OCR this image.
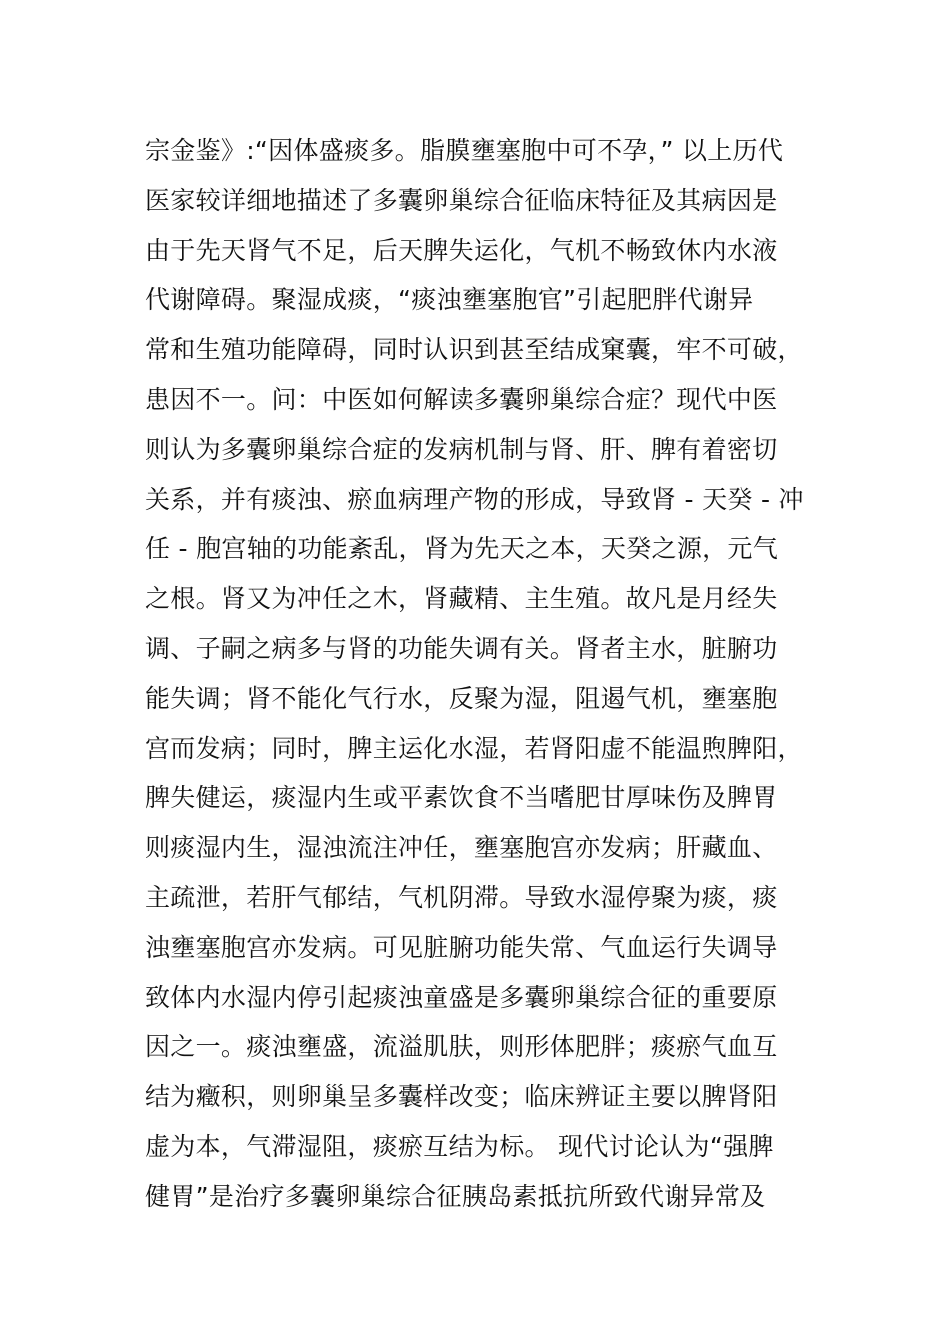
宗金鉴》:“因体盛痰多。脂膜壅塞胞中可不孕，” 以上历代
医家较详细地描述了多囊卵巢综合征临床特征及其病因是
由于先天肾气不足，后天脾失运化，气机不畅致休内水液
代谢障碍。聚湿成痰，“痰浊壅塞胞官”引起肥胖代谢异
常和生殖功能障碍，同时认识到甚至结成窠囊，牢不可破，
患因不一。问：中医如何解读多囊卵巢综合症？现代中医
则认为多囊卵巢综合症的发病机制与肾、肝、脾有着密切
关系，并有痰浊、瘀血病理产物的形成，导致肾 - 天癸 - 冲
任 - 胞宫轴的功能紊乱，肾为先天之本，天癸之源，元气
之根。肾又为冲任之木，肾藏精、主生殖。故凡是月经失
调、子嗣之病多与肾的功能失调有关。肾者主水，脏腑功
能失调；肾不能化气行水，反聚为湿，阻遏气机，壅塞胞
宫而发病；同时，脾主运化水湿，若肾阳虚不能温煦脾阳，
脾失健运，痰湿内生或平素饮食不当嗜肥甘厚味伤及脾胃
则痰湿内生，湿浊流注冲任，壅塞胞宫亦发病；肝藏血、
主疏泄，若肝气郁结，气机阴滞。导致水湿停聚为痰，痰
浊壅塞胞宫亦发病。可见脏腑功能失常、气血运行失调导
致体内水湿内停引起痰浊童盛是多囊卵巢综合征的重要原
因之一。痰浊壅盛，流溢肌肤，则形体肥胖；痰瘀气血互
结为癥积，则卵巢呈多囊样改变；临床辨证主要以脾肾阳
虚为本，气滞湿阻，痰瘀互结为标。 现代讨论认为“强脾
健胃”是治疗多囊卵巢综合征胰岛素抵抗所致代谢异常及
